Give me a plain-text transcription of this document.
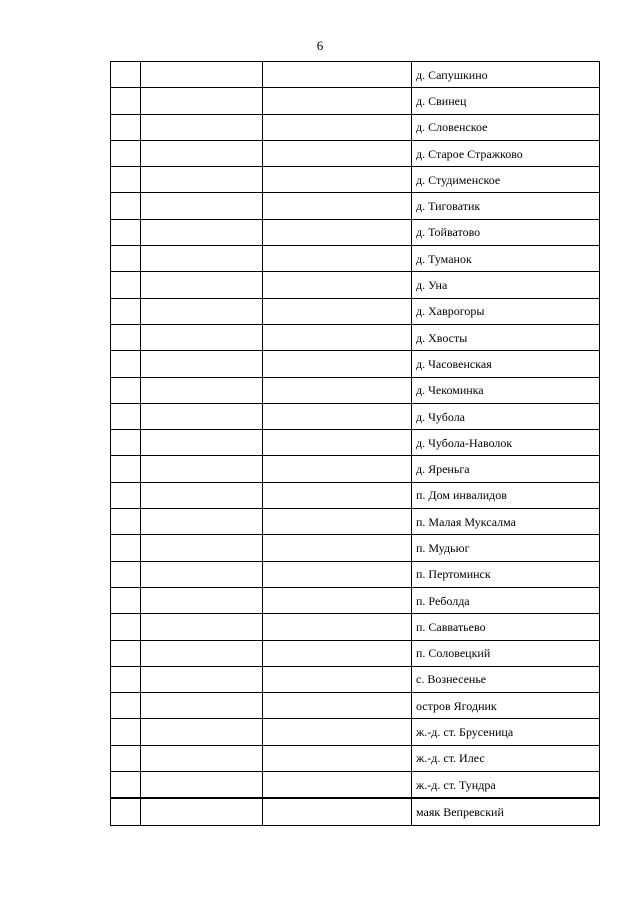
6
			д. Сапушкино
			д. Свинец
			д. Словенское
			д. Старое Стражково
			д. Студименское
			д. Тиговатик
			д. Тойватово
			д. Туманок
			д. Уна
			д. Хаврогоры
			д. Хвосты
			д. Часовенская
			д. Чекоминка
			д. Чубола
			д. Чубола-Наволок
			д. Яреньга
			п. Дом инвалидов
			п. Малая Муксалма
			п. Мудьюг
			п. Пертоминск
			п. Реболда
			п. Савватьево
			п. Соловецкий
			с. Вознесенье
			остров Ягодник
			ж.-д. ст. Брусеница
			ж.-д. ст. Илес
			ж.-д. ст. Тундра
			маяк Вепревский
